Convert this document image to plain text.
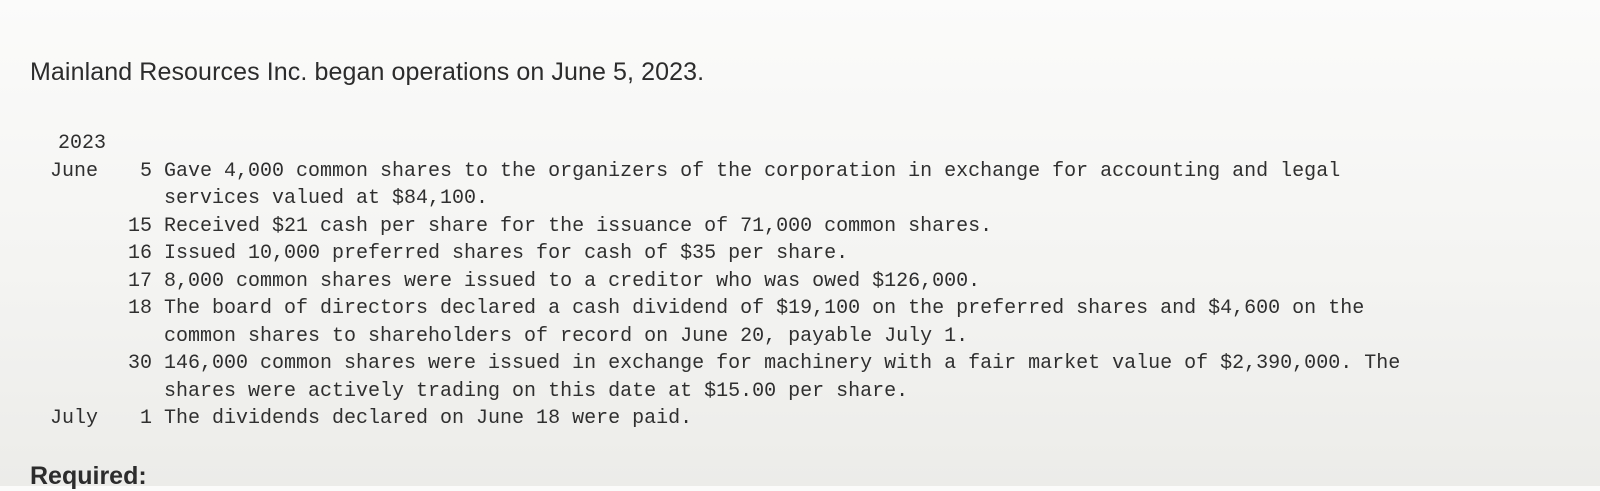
Mainland Resources Inc. began operations on June 5, 2023.
2023
June	5 Gave 4,000 common shares to the organizers of the corporation in exchange for accounting and legal
services valued at $84,100.
15 Received $21 cash per share for the issuance of 71,000 common shares.
16 Issued 10,000 preferred shares for cash of $35 per share.
17 8,000 common shares were issued to a creditor who was owed $126,000.
18 The board of directors declared a cash dividend of $19,100 on the preferred shares and $4,600 on the
common shares to shareholders of record on June 20, payable July 1.
30 146,000 common shares were issued in exchange for machinery with a fair market value of $2,390,000. The
shares were actively trading on this date at $15.00 per share.
July	1 The dividends declared on June 18 were paid.
Required:
